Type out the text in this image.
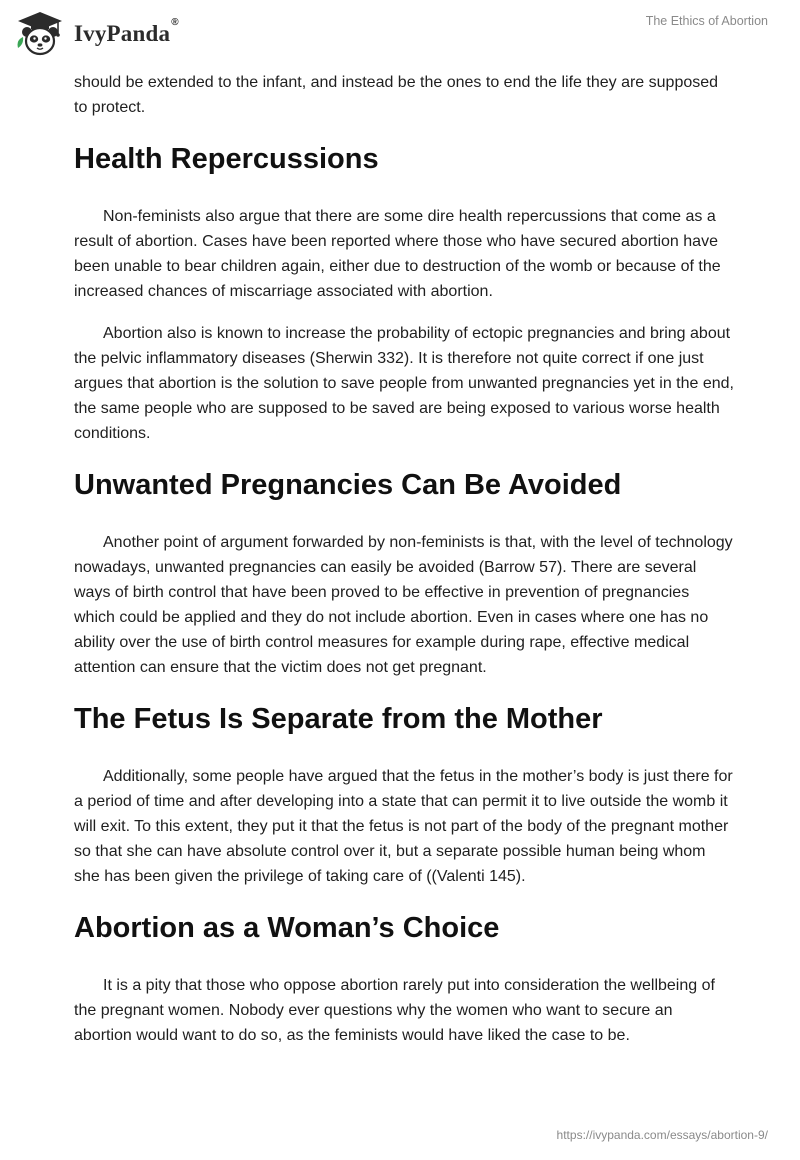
IvyPanda®	The Ethics of Abortion

should be extended to the infant, and instead be the ones to end the life they are supposed to protect.

Health Repercussions

Non-feminists also argue that there are some dire health repercussions that come as a result of abortion. Cases have been reported where those who have secured abortion have been unable to bear children again, either due to destruction of the womb or because of the increased chances of miscarriage associated with abortion.

Abortion also is known to increase the probability of ectopic pregnancies and bring about the pelvic inflammatory diseases (Sherwin 332). It is therefore not quite correct if one just argues that abortion is the solution to save people from unwanted pregnancies yet in the end, the same people who are supposed to be saved are being exposed to various worse health conditions.

Unwanted Pregnancies Can Be Avoided

Another point of argument forwarded by non-feminists is that, with the level of technology nowadays, unwanted pregnancies can easily be avoided (Barrow 57). There are several ways of birth control that have been proved to be effective in prevention of pregnancies which could be applied and they do not include abortion. Even in cases where one has no ability over the use of birth control measures for example during rape, effective medical attention can ensure that the victim does not get pregnant.

The Fetus Is Separate from the Mother

Additionally, some people have argued that the fetus in the mother’s body is just there for a period of time and after developing into a state that can permit it to live outside the womb it will exit. To this extent, they put it that the fetus is not part of the body of the pregnant mother so that she can have absolute control over it, but a separate possible human being whom she has been given the privilege of taking care of ((Valenti 145).

Abortion as a Woman’s Choice

It is a pity that those who oppose abortion rarely put into consideration the wellbeing of the pregnant women. Nobody ever questions why the women who want to secure an abortion would want to do so, as the feminists would have liked the case to be.

https://ivypanda.com/essays/abortion-9/
